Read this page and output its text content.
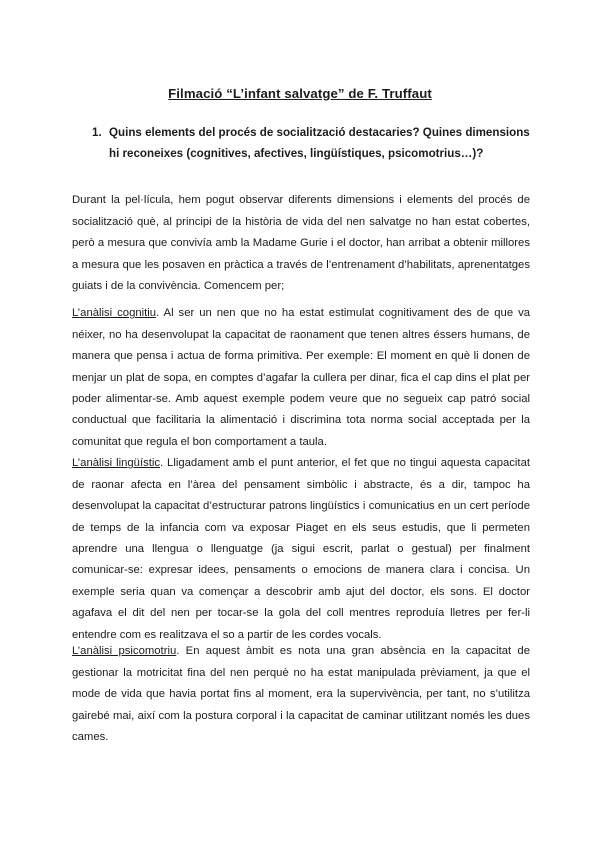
Filmació “L’infant salvatge” de F. Truffaut
1. Quins elements del procés de socialització destacaries? Quines dimensions hi reconeixes (cognitives, afectives, lingüístiques, psicomotrius…)?

Durant la pel·lícula, hem pogut observar diferents dimensions i elements del procés de socialització què, al principi de la història de vida del nen salvatge no han estat cobertes, però a mesura que convivía amb la Madame Gurie i el doctor, han arribat a obtenir millores a mesura que les posaven en pràctica a través de l’entrenament d’habilitats, aprenentatges guiats i de la convivència. Comencem per;

L’anàlisi cognitiu. Al ser un nen que no ha estat estimulat cognitivament des de que va néixer, no ha desenvolupat la capacitat de raonament que tenen altres éssers humans, de manera que pensa i actua de forma primitiva. Per exemple: El moment en què li donen de menjar un plat de sopa, en comptes d’agafar la cullera per dinar, fica el cap dins el plat per poder alimentar-se. Amb aquest exemple podem veure que no segueix cap patró social conductual que facilitaria la alimentació i discrimina tota norma social acceptada per la comunitat que regula el bon comportament a taula.

L’anàlisi lingüístic. Lligadament amb el punt anterior, el fet que no tingui aquesta capacitat de raonar afecta en l’àrea del pensament simbòlic i abstracte, és a dir, tampoc ha desenvolupat la capacitat d’estructurar patrons lingüístics i comunicatius en un cert període de temps de la infancia com va exposar Piaget en els seus estudis, que li permeten aprendre una llengua o llenguatge (ja sigui escrit, parlat o gestual) per finalment comunicar-se: expresar idees, pensaments o emocions de manera clara i concisa. Un exemple seria quan va començar a descobrir amb ajut del doctor, els sons. El doctor agafava el dit del nen per tocar-se la gola del coll mentres reproduía lletres per fer-li entendre com es realitzava el so a partir de les cordes vocals.

L’anàlisi psicomotriu. En aquest àmbit es nota una gran absència en la capacitat de gestionar la motricitat fina del nen perquè no ha estat manipulada prèviament, ja que el mode de vida que havia portat fins al moment, era la supervivència, per tant, no s’utilitza gairebé mai, així com la postura corporal i la capacitat de caminar utilitzant només les dues cames.
